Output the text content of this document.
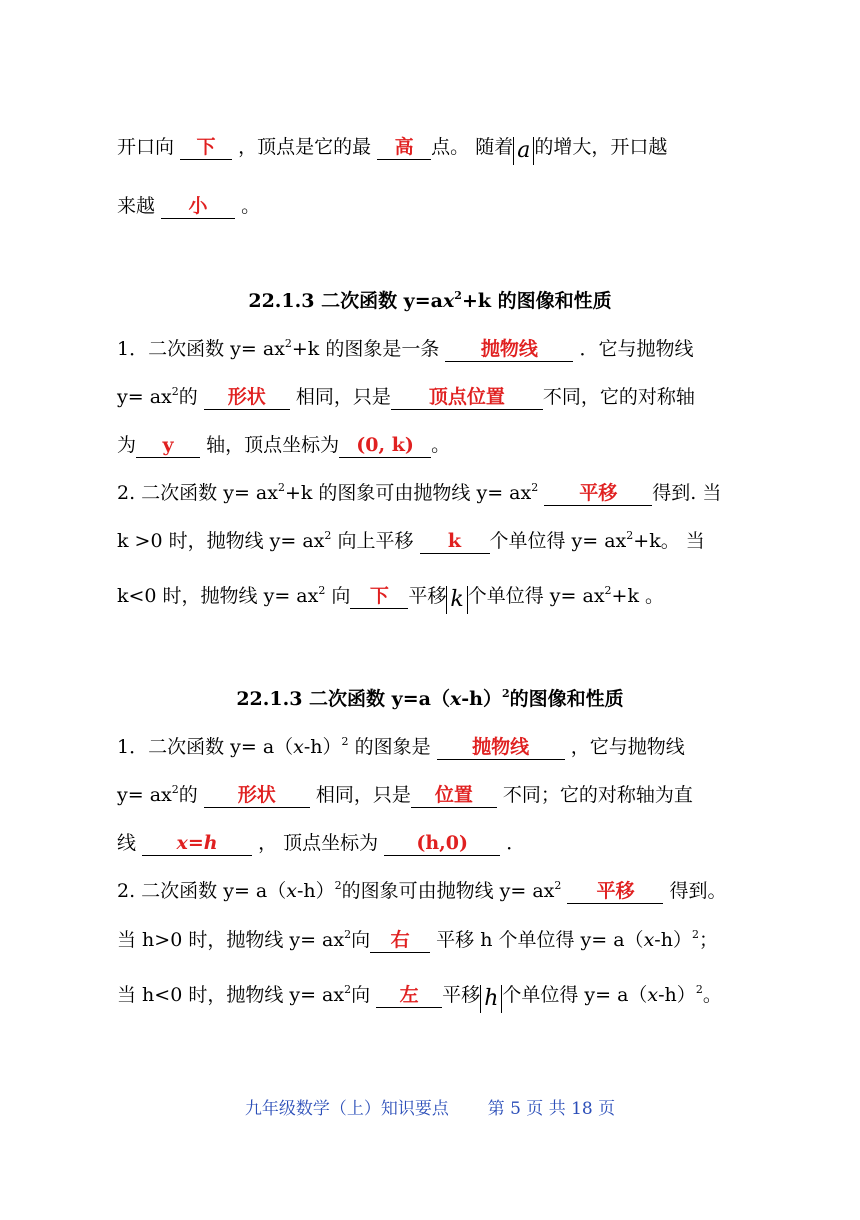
开口向 下 ，顶点是它的最 高 点。 随着 a 的增大，开口越
来越 小 。
22.1.3 二次函数 $y=ax^2+k$ 的图像和性质
1．二次函数 $y= ax^2+k$ 的图象是一条 抛物线 ．它与抛物线
$y= ax^2$的 形状 相同，只是 顶点位置 不同，它的对称轴
为 y 轴，顶点坐标为 (0, k) 。
2. 二次函数 $y= ax^2+k$ 的图象可由抛物线 $y= ax^2$ 平移 得到. 当
k >0 时，抛物线 $y= ax^2$ 向上平移 k 个单位得 $y= ax^2+k$。 当
k<0 时，抛物线 $y= ax^2$ 向 下 平移 k 个单位得 $y= ax^2+k$ 。
22.1.3 二次函数 $y=a(x-h)^2$的图像和性质
1．二次函数 $y= a(x-h)^2$ 的图象是 抛物线 ，它与抛物线
$y= ax^2$的 形状 相同，只是 位置 不同；它的对称轴为直
线 x=h ， 顶点坐标为 (h,0) ．
2. 二次函数 $y= a(x-h)^2$的图象可由抛物线 $y= ax^2$ 平移 得到。
当 h>0 时，抛物线 $y= ax^2$向 右 平移 h 个单位得 $y= a(x-h)^2$；
当 h<0 时，抛物线 $y= ax^2$向 左 平移 h 个单位得 $y= a(x-h)^2$。
九年级数学（上）知识要点 第 5 页 共 18 页
